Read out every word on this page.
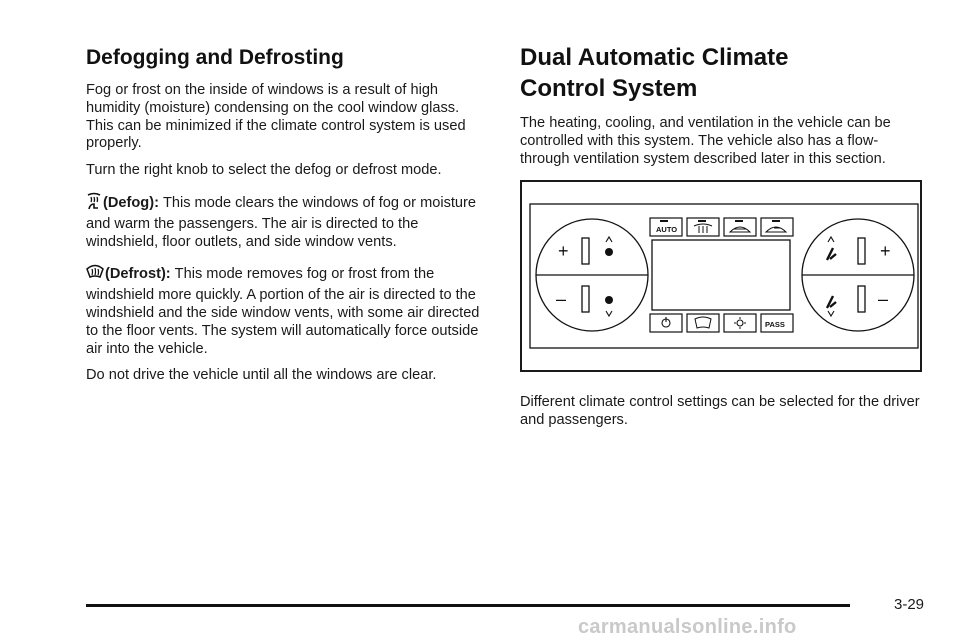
Defogging and Defrosting

Fog or frost on the inside of windows is a result of high humidity (moisture) condensing on the cool window glass. This can be minimized if the climate control system is used properly.

Turn the right knob to select the defog or defrost mode.

(Defog): This mode clears the windows of fog or moisture and warm the passengers. The air is directed to the windshield, floor outlets, and side window vents.

(Defrost): This mode removes fog or frost from the windshield more quickly. A portion of the air is directed to the windshield and the side window vents, with some air directed to the floor vents. The system will automatically force outside air into the vehicle.

Do not drive the vehicle until all the windows are clear.

Dual Automatic Climate
Control System

The heating, cooling, and ventilation in the vehicle can be controlled with this system. The vehicle also has a flow-through ventilation system described later in this section.

+
–
+
–
AUTO
PASS

Different climate control settings can be selected for the driver and passengers.

3-29
carmanualsonline.info
